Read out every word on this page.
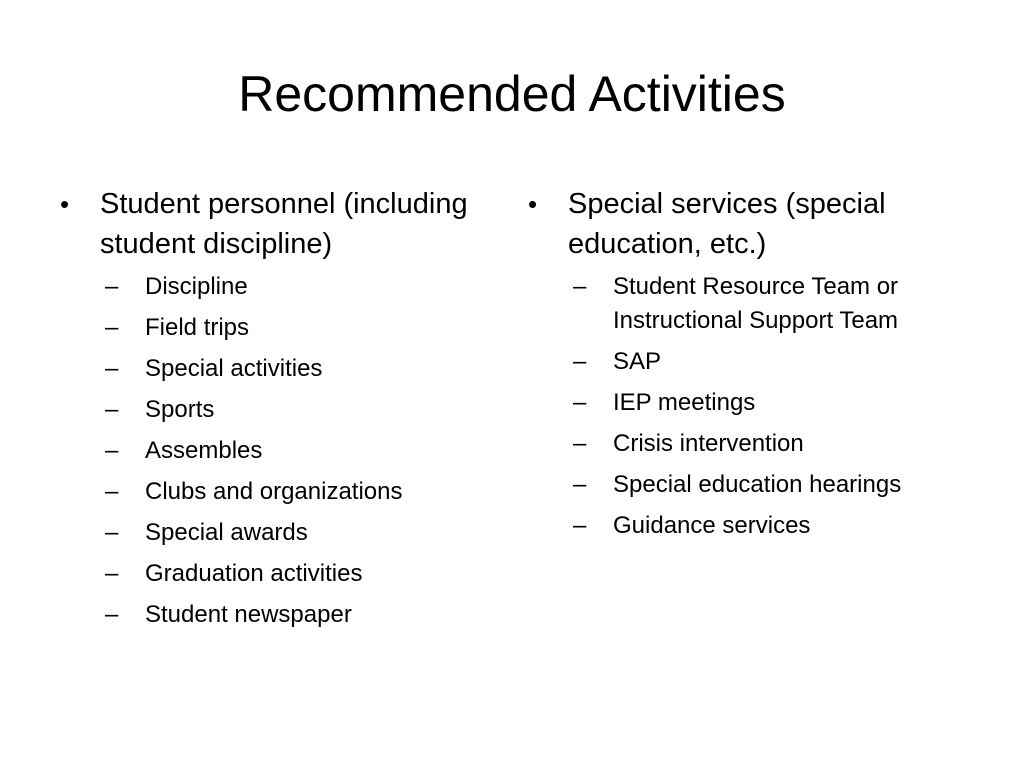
Recommended Activities
•	Student personnel (including student discipline)
–	Discipline
–	Field trips
–	Special activities
–	Sports
–	Assembles
–	Clubs and organizations
–	Special awards
–	Graduation activities
–	Student newspaper
•	Special services (special education, etc.)
–	Student Resource Team or Instructional Support Team
–	SAP
–	IEP meetings
–	Crisis intervention
–	Special education hearings
–	Guidance services
